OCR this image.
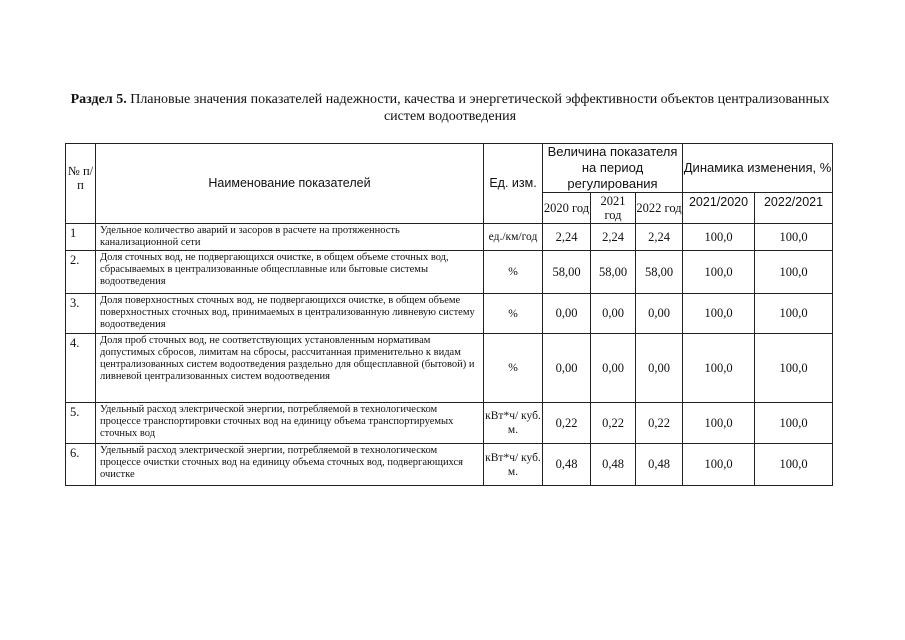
Раздел 5. Плановые значения показателей надежности, качества и энергетической эффективности объектов централизованных систем водоотведения
№ п/п	Наименование показателей	Ед. изм.	Величина показателя на период регулирования			Динамика изменения, %	
			2020 год	2021 год	2022 год	2021/2020	2022/2021
1	Удельное количество аварий и засоров в расчете на протяженность канализационной сети	ед./км/год	2,24	2,24	2,24	100,0	100,0
2.	Доля сточных вод, не подвергающихся очистке, в общем объеме сточных вод, сбрасываемых в централизованные общесплавные или бытовые системы водоотведения	%	58,00	58,00	58,00	100,0	100,0
3.	Доля поверхностных сточных вод, не подвергающихся очистке, в общем объеме поверхностных сточных вод, принимаемых в централизованную ливневую систему водоотведения	%	0,00	0,00	0,00	100,0	100,0
4.	Доля проб сточных вод, не соответствующих установленным нормативам допустимых сбросов, лимитам на сбросы, рассчитанная применительно к видам централизованных систем водоотведения раздельно для общесплавной (бытовой) и ливневой централизованных систем водоотведения	%	0,00	0,00	0,00	100,0	100,0
5.	Удельный расход электрической энергии, потребляемой в технологическом процессе транспортировки сточных вод на единицу объема транспортируемых сточных вод	кВт*ч/ куб. м.	0,22	0,22	0,22	100,0	100,0
6.	Удельный расход электрической энергии, потребляемой в технологическом процессе очистки сточных вод на единицу объема сточных вод, подвергающихся очистке	кВт*ч/ куб. м.	0,48	0,48	0,48	100,0	100,0
